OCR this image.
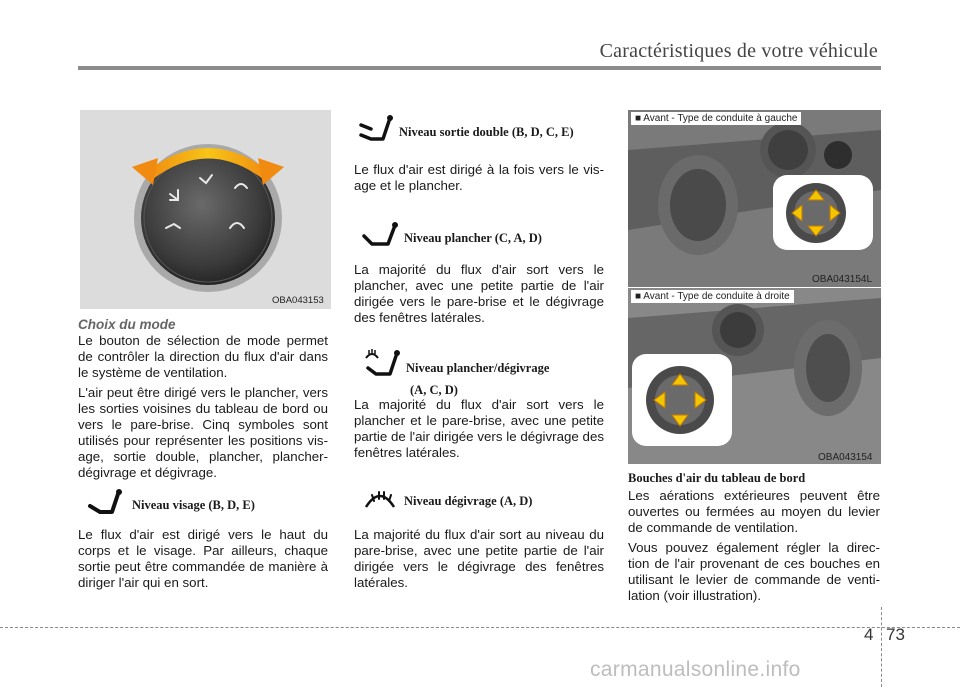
Caractéristiques de votre véhicule
OBA043153
Choix du mode

Le bouton de sélection de mode permet de contrôler la direction du flux d'air dans le système de ventilation.

L'air peut être dirigé vers le plancher, vers les sorties voisines du tableau de bord ou vers le pare-brise. Cinq symboles sont utilisés pour représenter les positions vis-age, sortie double, plancher, plancher-dégivrage et dégivrage.

Niveau visage (B, D, E)

Le flux d'air est dirigé vers le haut du corps et le visage. Par ailleurs, chaque sortie peut être commandée de manière à diriger l'air qui en sort.

Niveau sortie double (B, D, C, E)

Le flux d'air est dirigé à la fois vers le vis-age et le plancher.

Niveau plancher (C, A, D)

La majorité du flux d'air sort vers le plancher, avec une petite partie de l'air dirigée vers le pare-brise et le dégivrage des fenêtres latérales.

Niveau plancher/dégivrage
(A, C, D)

La majorité du flux d'air sort vers le plancher et le pare-brise, avec une petite partie de l'air dirigée vers le dégivrage des fenêtres latérales.

Niveau dégivrage (A, D)

La majorité du flux d'air sort au niveau du pare-brise, avec une petite partie de l'air dirigée vers le dégivrage des fenêtres latérales.

■ Avant - Type de conduite à gauche
OBA043154L
■ Avant - Type de conduite à droite
OBA043154
Bouches d'air du tableau de bord

Les aérations extérieures peuvent être ouvertes ou fermées au moyen du levier de commande de ventilation.

Vous pouvez également régler la direc-tion de l'air provenant de ces bouches en utilisant le levier de commande de venti-lation (voir illustration).

4 73
carmanualsonline.info
